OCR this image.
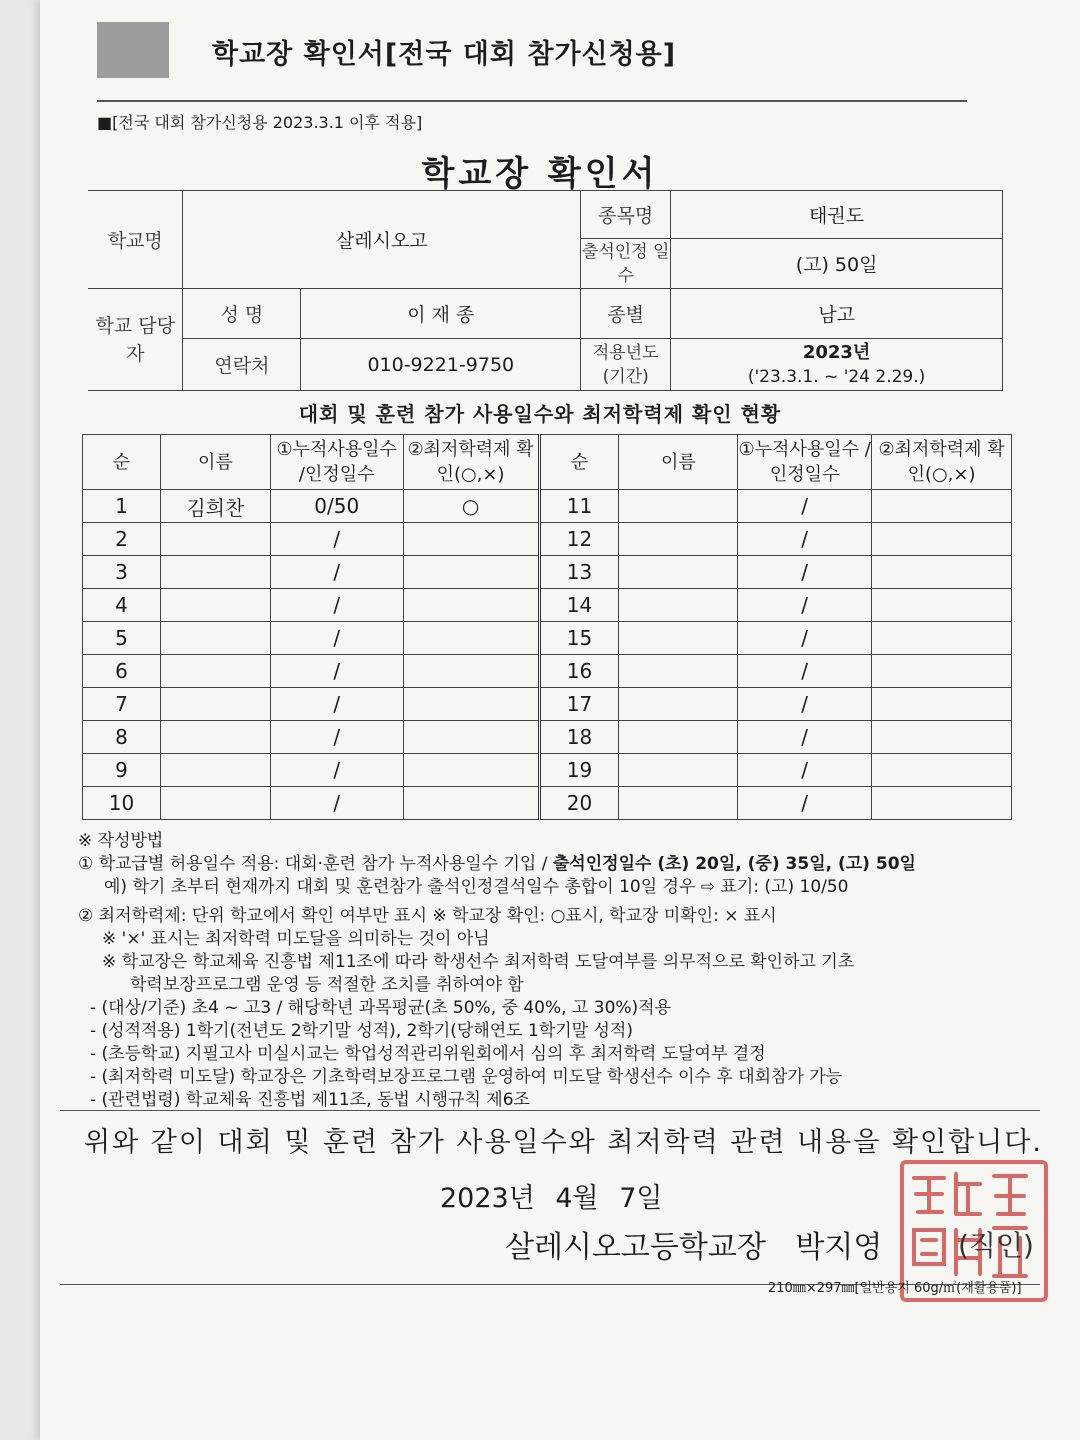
학교장 확인서[전국 대회 참가신청용]
■[전국 대회 참가신청용 2023.3.1 이후 적용]
학교장 확인서
학교명	살레시오고		종목명	태권도
			출석인정 일수	(고) 50일
학교 담당자	성 명	이 재 종	종별	남고
	연락처	010-9221-9750	적용년도 (기간)	2023년
('23.3.1. ~ '24 2.29.)
대회 및 훈련 참가 사용일수와 최저학력제 확인 현황
순	이름	①누적사용일수 /인정일수	②최저학력제 확인(○,×)	순	이름	①누적사용일수 /인정일수	②최저학력제 확인(○,×)
1	김희찬	0/50	○	11		/	
2		/		12		/	
3		/		13		/	
4		/		14		/	
5		/		15		/	
6		/		16		/	
7		/		17		/	
8		/		18		/	
9		/		19		/	
10		/		20		/	
※ 작성방법
① 학교급별 허용일수 적용: 대회·훈련 참가 누적사용일수 기입 / 출석인정일수 (초) 20일, (중) 35일, (고) 50일
예) 학기 초부터 현재까지 대회 및 훈련참가 출석인정결석일수 총합이 10일 경우 ⇨ 표기: (고) 10/50
② 최저학력제: 단위 학교에서 확인 여부만 표시 ※ 학교장 확인: ○표시, 학교장 미확인: × 표시
※ '×' 표시는 최저학력 미도달을 의미하는 것이 아님
※ 학교장은 학교체육 진흥법 제11조에 따라 학생선수 최저학력 도달여부를 의무적으로 확인하고 기초
학력보장프로그램 운영 등 적절한 조치를 취하여야 함
- (대상/기준) 초4 ~ 고3 / 해당학년 과목평균(초 50%, 중 40%, 고 30%)적용
- (성적적용) 1학기(전년도 2학기말 성적), 2학기(당해연도 1학기말 성적)
- (초등학교) 지필고사 미실시교는 학업성적관리위원회에서 심의 후 최저학력 도달여부 결정
- (최저학력 미도달) 학교장은 기초학력보장프로그램 운영하여 미도달 학생선수 이수 후 대회참가 가능
- (관련법령) 학교체육 진흥법 제11조, 동법 시행규칙 제6조
위와 같이 대회 및 훈련 참가 사용일수와 최저학력 관련 내용을 확인합니다.
2023년 4월 7일
살레시오고등학교장 박지영	(직인)
210㎜×297㎜[일반용지 60g/㎡(재활용품)]
